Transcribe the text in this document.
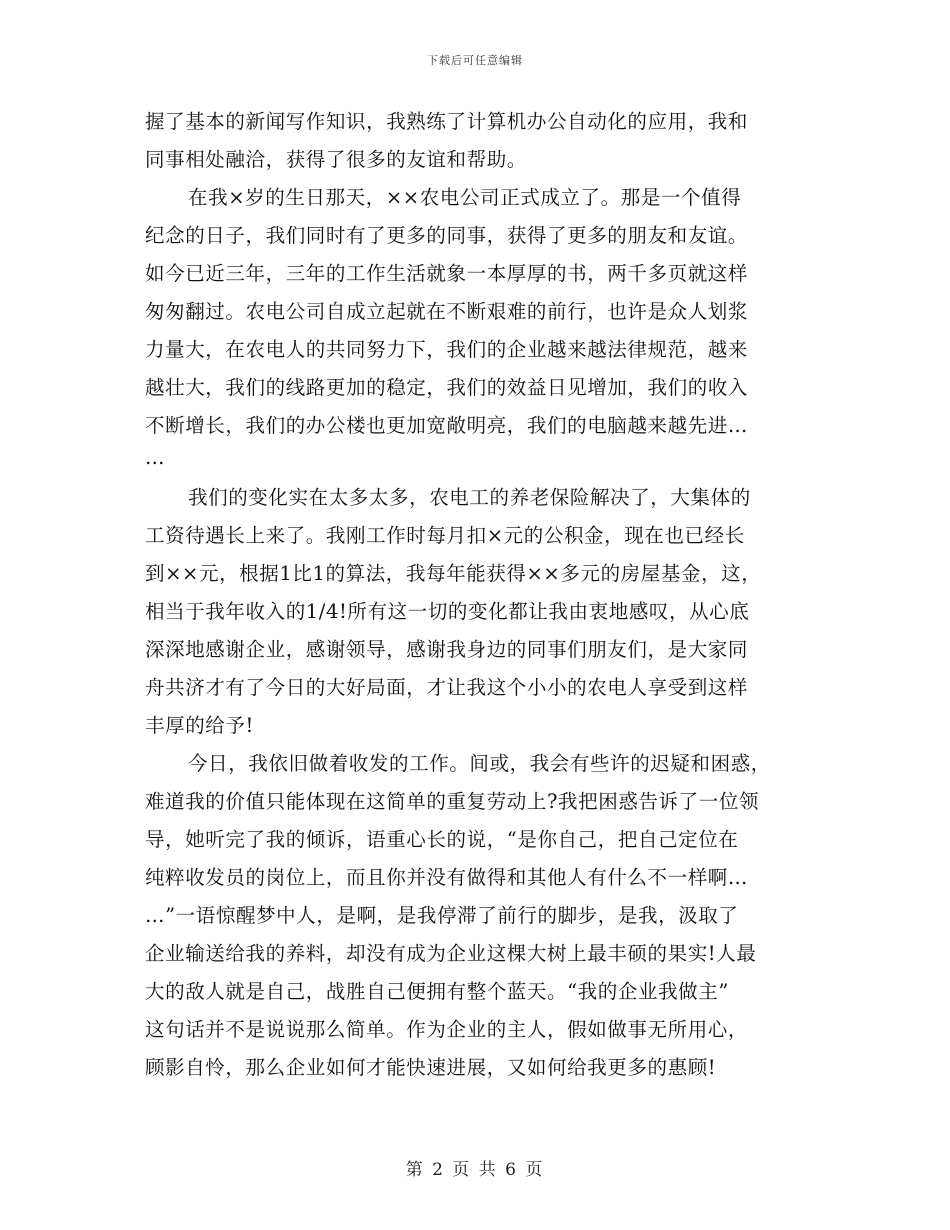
下载后可任意编辑
握了基本的新闻写作知识，我熟练了计算机办公自动化的应用，我和
同事相处融洽，获得了很多的友谊和帮助。
在我×岁的生日那天，××农电公司正式成立了。那是一个值得
纪念的日子，我们同时有了更多的同事，获得了更多的朋友和友谊。
如今已近三年，三年的工作生活就象一本厚厚的书，两千多页就这样
匆匆翻过。农电公司自成立起就在不断艰难的前行，也许是众人划浆
力量大，在农电人的共同努力下，我们的企业越来越法律规范，越来
越壮大，我们的线路更加的稳定，我们的效益日见增加，我们的收入
不断增长，我们的办公楼也更加宽敞明亮，我们的电脑越来越先进…
…
我们的变化实在太多太多，农电工的养老保险解决了，大集体的
工资待遇长上来了。我刚工作时每月扣×元的公积金，现在也已经长
到××元，根据1比1的算法，我每年能获得××多元的房屋基金，这，
相当于我年收入的1/4!所有这一切的变化都让我由衷地感叹，从心底
深深地感谢企业，感谢领导，感谢我身边的同事们朋友们，是大家同
舟共济才有了今日的大好局面，才让我这个小小的农电人享受到这样
丰厚的给予!
今日，我依旧做着收发的工作。间或，我会有些许的迟疑和困惑，
难道我的价值只能体现在这简单的重复劳动上?我把困惑告诉了一位领
导，她听完了我的倾诉，语重心长的说，“是你自己，把自己定位在
纯粹收发员的岗位上，而且你并没有做得和其他人有什么不一样啊…
…”一语惊醒梦中人，是啊，是我停滞了前行的脚步，是我，汲取了
企业输送给我的养料，却没有成为企业这棵大树上最丰硕的果实!人最
大的敌人就是自己，战胜自己便拥有整个蓝天。“我的企业我做主”
这句话并不是说说那么简单。作为企业的主人，假如做事无所用心，
顾影自怜，那么企业如何才能快速进展，又如何给我更多的惠顾!
第 2 页 共 6 页
